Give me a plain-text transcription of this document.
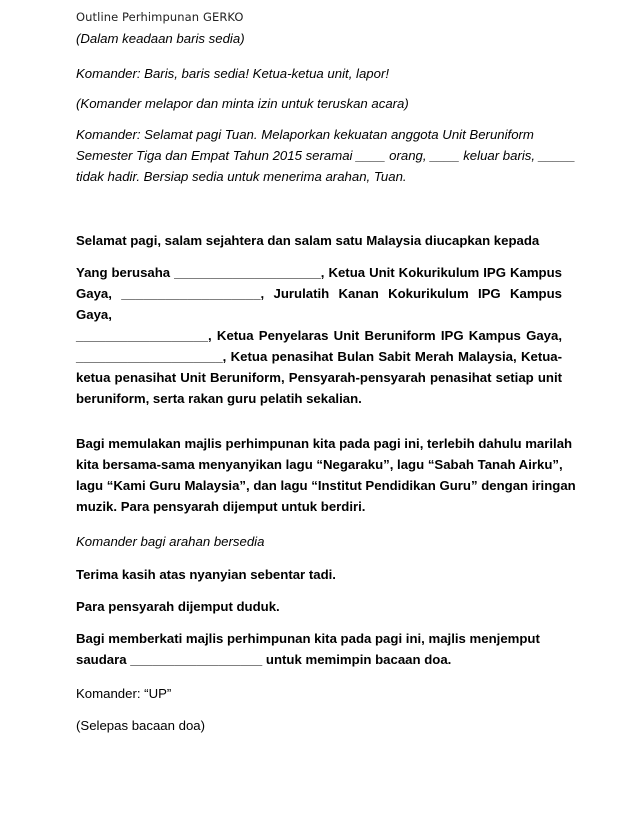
Outline Perhimpunan GERKO

(Dalam keadaan baris sedia)

Komander: Baris, baris sedia! Ketua-ketua unit, lapor!

(Komander melapor dan minta izin untuk teruskan acara)

Komander: Selamat pagi Tuan. Melaporkan kekuatan anggota Unit Beruniform
Semester Tiga dan Empat Tahun 2015 seramai ____ orang, ____ keluar baris, _____
tidak hadir. Bersiap sedia untuk menerima arahan, Tuan.

Selamat pagi, salam sejahtera dan salam satu Malaysia diucapkan kepada

Yang berusaha ____________________, Ketua Unit Kokurikulum IPG Kampus
Gaya, ___________________, Jurulatih Kanan Kokurikulum IPG Kampus Gaya,
__________________, Ketua Penyelaras Unit Beruniform IPG Kampus Gaya,
____________________, Ketua penasihat Bulan Sabit Merah Malaysia, Ketua-
ketua penasihat Unit Beruniform, Pensyarah-pensyarah penasihat setiap unit
beruniform, serta rakan guru pelatih sekalian.

Bagi memulakan majlis perhimpunan kita pada pagi ini, terlebih dahulu marilah
kita bersama-sama menyanyikan lagu “Negaraku”, lagu “Sabah Tanah Airku”,
lagu “Kami Guru Malaysia”, dan lagu “Institut Pendidikan Guru” dengan iringan
muzik. Para pensyarah dijemput untuk berdiri.

Komander bagi arahan bersedia

Terima kasih atas nyanyian sebentar tadi.

Para pensyarah dijemput duduk.

Bagi memberkati majlis perhimpunan kita pada pagi ini, majlis menjemput
saudara __________________ untuk memimpin bacaan doa.

Komander: “UP”

(Selepas bacaan doa)
